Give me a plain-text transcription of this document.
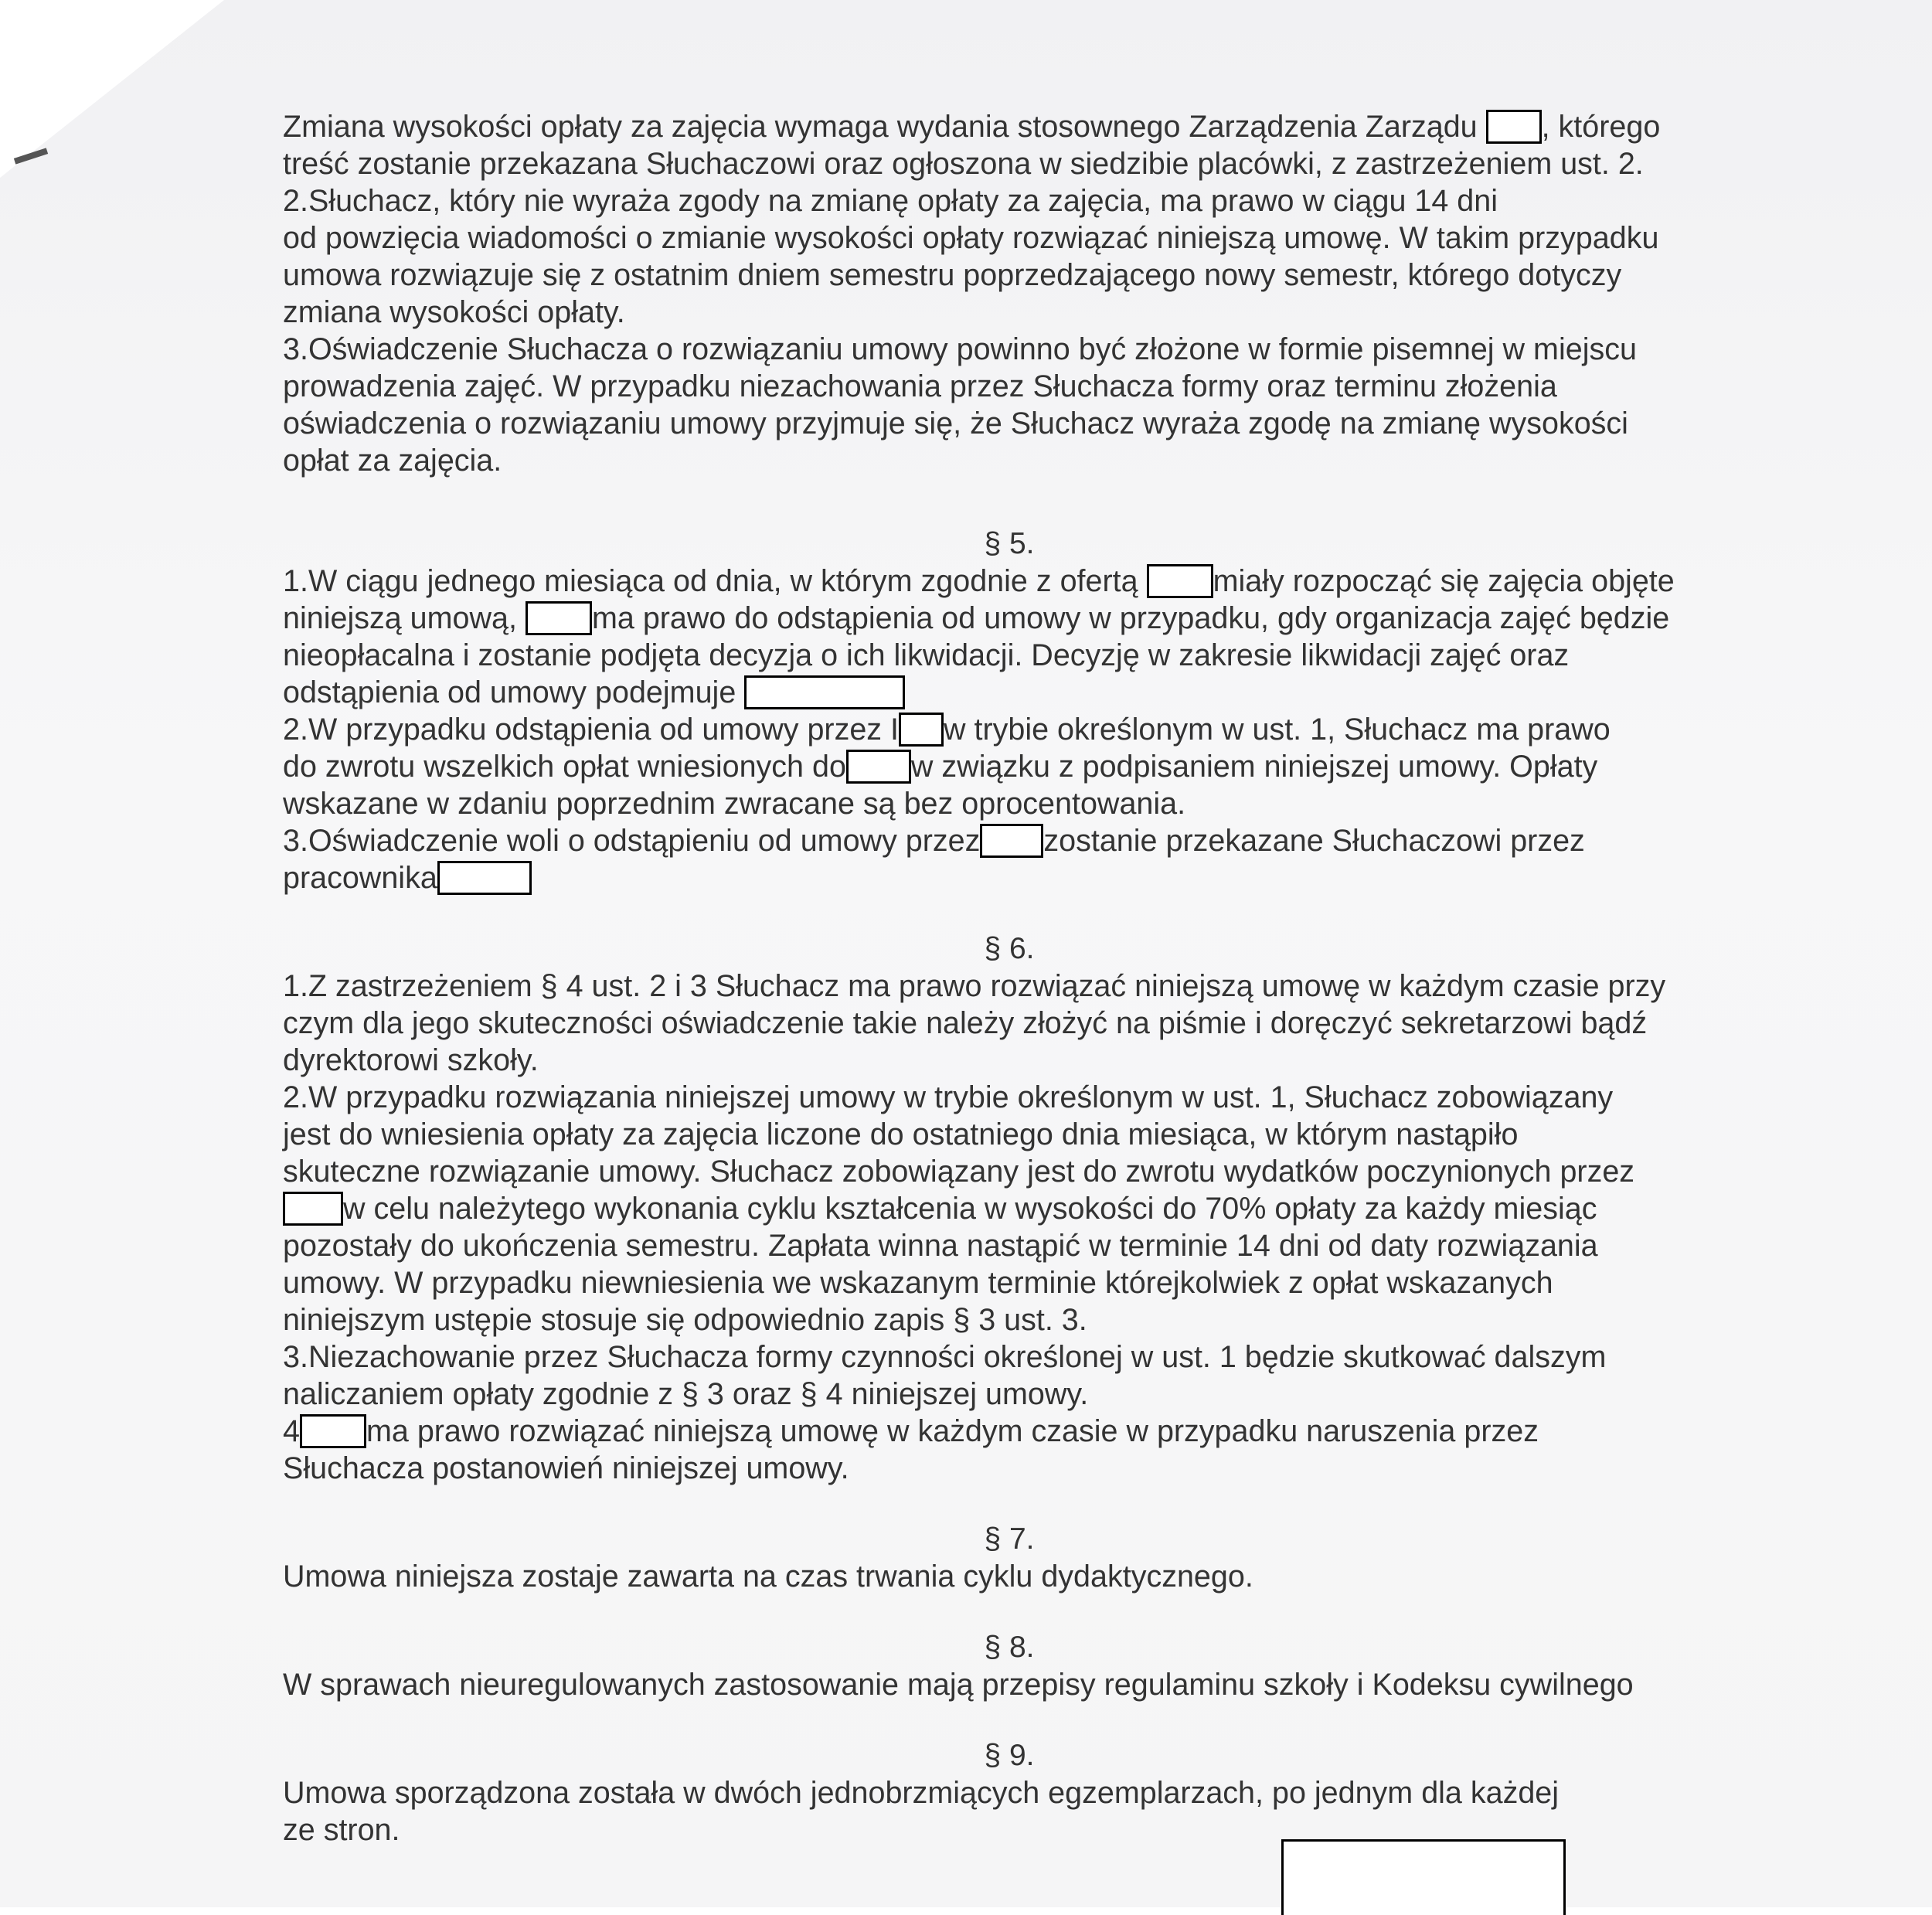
Zmiana wysokości opłaty za zajęcia wymaga wydania stosownego Zarządzenia Zarządu , którego
treść zostanie przekazana Słuchaczowi oraz ogłoszona w siedzibie placówki, z zastrzeżeniem ust. 2.
2.Słuchacz, który nie wyraża zgody na zmianę opłaty za zajęcia, ma prawo w ciągu 14 dni
od powzięcia wiadomości o zmianie wysokości opłaty rozwiązać niniejszą umowę. W takim przypadku
umowa rozwiązuje się z ostatnim dniem semestru poprzedzającego nowy semestr, którego dotyczy
zmiana wysokości opłaty.
3.Oświadczenie Słuchacza o rozwiązaniu umowy powinno być złożone w formie pisemnej w miejscu
prowadzenia zajęć. W przypadku niezachowania przez Słuchacza formy oraz terminu złożenia
oświadczenia o rozwiązaniu umowy przyjmuje się, że Słuchacz wyraża zgodę na zmianę wysokości
opłat za zajęcia.
§ 5.
1.W ciągu jednego miesiąca od dnia, w którym zgodnie z ofertą miały rozpocząć się zajęcia objęte
niniejszą umową, ma prawo do odstąpienia od umowy w przypadku, gdy organizacja zajęć będzie
nieopłacalna i zostanie podjęta decyzja o ich likwidacji. Decyzję w zakresie likwidacji zajęć oraz
odstąpienia od umowy podejmuje
2.W przypadku odstąpienia od umowy przez I w trybie określonym w ust. 1, Słuchacz ma prawo
do zwrotu wszelkich opłat wniesionych do w związku z podpisaniem niniejszej umowy. Opłaty
wskazane w zdaniu poprzednim zwracane są bez oprocentowania.
3.Oświadczenie woli o odstąpieniu od umowy przez zostanie przekazane Słuchaczowi przez
pracownika
§ 6.
1.Z zastrzeżeniem § 4 ust. 2 i 3 Słuchacz ma prawo rozwiązać niniejszą umowę w każdym czasie przy
czym dla jego skuteczności oświadczenie takie należy złożyć na piśmie i doręczyć sekretarzowi bądź
dyrektorowi szkoły.
2.W przypadku rozwiązania niniejszej umowy w trybie określonym w ust. 1, Słuchacz zobowiązany
jest do wniesienia opłaty za zajęcia liczone do ostatniego dnia miesiąca, w którym nastąpiło
skuteczne rozwiązanie umowy. Słuchacz zobowiązany jest do zwrotu wydatków poczynionych przez
w celu należytego wykonania cyklu kształcenia w wysokości do 70% opłaty za każdy miesiąc
pozostały do ukończenia semestru. Zapłata winna nastąpić w terminie 14 dni od daty rozwiązania
umowy. W przypadku niewniesienia we wskazanym terminie którejkolwiek z opłat wskazanych
niniejszym ustępie stosuje się odpowiednio zapis § 3 ust. 3.
3.Niezachowanie przez Słuchacza formy czynności określonej w ust. 1 będzie skutkować dalszym
naliczaniem opłaty zgodnie z § 3 oraz § 4 niniejszej umowy.
4 ma prawo rozwiązać niniejszą umowę w każdym czasie w przypadku naruszenia przez
Słuchacza postanowień niniejszej umowy.
§ 7.
Umowa niniejsza zostaje zawarta na czas trwania cyklu dydaktycznego.
§ 8.
W sprawach nieuregulowanych zastosowanie mają przepisy regulaminu szkoły i Kodeksu cywilnego
§ 9.
Umowa sporządzona została w dwóch jednobrzmiących egzemplarzach, po jednym dla każdej
ze stron.
